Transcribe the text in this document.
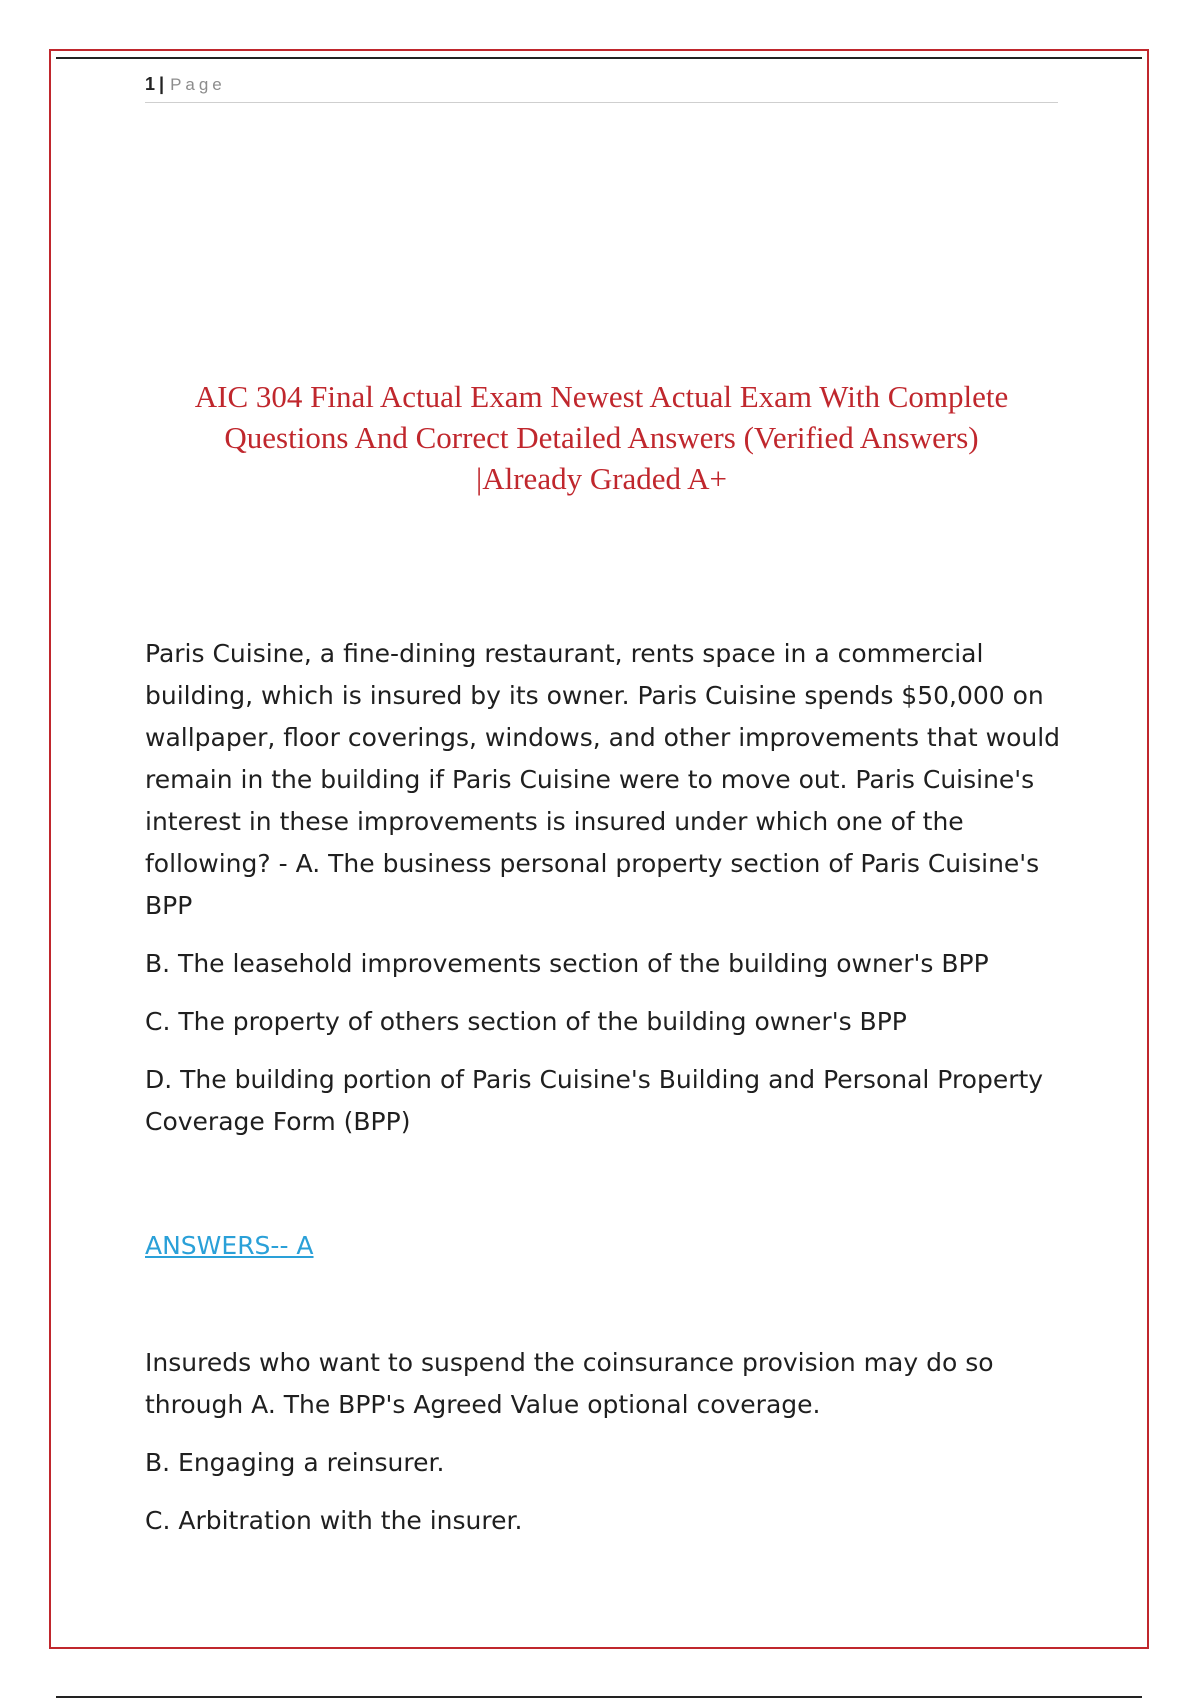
1 | Page
AIC 304 Final Actual Exam Newest Actual Exam With Complete
Questions And Correct Detailed Answers (Verified Answers)
|Already Graded A+

Paris Cuisine, a fine-dining restaurant, rents space in a commercial building, which is insured by its owner. Paris Cuisine spends $50,000 on wallpaper, floor coverings, windows, and other improvements that would remain in the building if Paris Cuisine were to move out. Paris Cuisine's interest in these improvements is insured under which one of the following? - A. The business personal property section of Paris Cuisine's BPP

B. The leasehold improvements section of the building owner's BPP

C. The property of others section of the building owner's BPP

D. The building portion of Paris Cuisine's Building and Personal Property Coverage Form (BPP)

ANSWERS-- A

Insureds who want to suspend the coinsurance provision may do so through A. The BPP's Agreed Value optional coverage.

B. Engaging a reinsurer.

C. Arbitration with the insurer.
